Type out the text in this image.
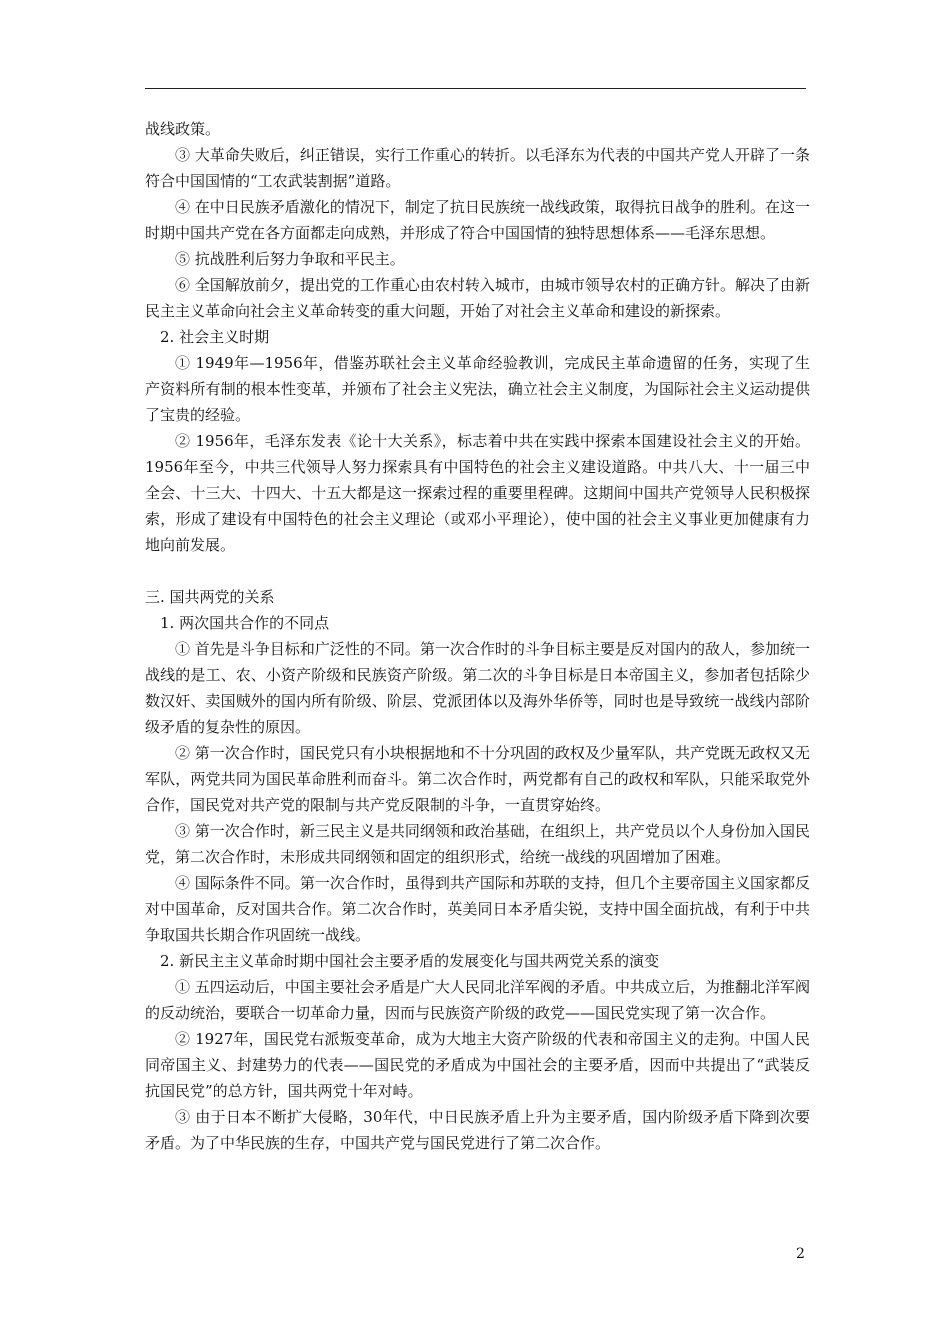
战线政策。

③ 大革命失败后，纠正错误，实行工作重心的转折。以毛泽东为代表的中国共产党人开辟了一条符合中国国情的“工农武装割据”道路。

④ 在中日民族矛盾激化的情况下，制定了抗日民族统一战线政策，取得抗日战争的胜利。在这一时期中国共产党在各方面都走向成熟，并形成了符合中国国情的独特思想体系——毛泽东思想。

⑤ 抗战胜利后努力争取和平民主。

⑥ 全国解放前夕，提出党的工作重心由农村转入城市，由城市领导农村的正确方针。解决了由新民主主义革命向社会主义革命转变的重大问题，开始了对社会主义革命和建设的新探索。

2. 社会主义时期

① 1949年—1956年，借鉴苏联社会主义革命经验教训，完成民主革命遗留的任务，实现了生产资料所有制的根本性变革，并颁布了社会主义宪法，确立社会主义制度，为国际社会主义运动提供了宝贵的经验。

② 1956年，毛泽东发表《论十大关系》，标志着中共在实践中探索本国建设社会主义的开始。1956年至今，中共三代领导人努力探索具有中国特色的社会主义建设道路。中共八大、十一届三中全会、十三大、十四大、十五大都是这一探索过程的重要里程碑。这期间中国共产党领导人民积极探索，形成了建设有中国特色的社会主义理论（或邓小平理论），使中国的社会主义事业更加健康有力地向前发展。

三. 国共两党的关系

1. 两次国共合作的不同点

① 首先是斗争目标和广泛性的不同。第一次合作时的斗争目标主要是反对国内的敌人，参加统一战线的是工、农、小资产阶级和民族资产阶级。第二次的斗争目标是日本帝国主义，参加者包括除少数汉奸、卖国贼外的国内所有阶级、阶层、党派团体以及海外华侨等，同时也是导致统一战线内部阶级矛盾的复杂性的原因。

② 第一次合作时，国民党只有小块根据地和不十分巩固的政权及少量军队，共产党既无政权又无军队，两党共同为国民革命胜利而奋斗。第二次合作时，两党都有自己的政权和军队，只能采取党外合作，国民党对共产党的限制与共产党反限制的斗争，一直贯穿始终。

③ 第一次合作时，新三民主义是共同纲领和政治基础，在组织上，共产党员以个人身份加入国民党，第二次合作时，未形成共同纲领和固定的组织形式，给统一战线的巩固增加了困难。

④ 国际条件不同。第一次合作时，虽得到共产国际和苏联的支持，但几个主要帝国主义国家都反对中国革命，反对国共合作。第二次合作时，英美同日本矛盾尖锐，支持中国全面抗战，有利于中共争取国共长期合作巩固统一战线。

2. 新民主主义革命时期中国社会主要矛盾的发展变化与国共两党关系的演变

① 五四运动后，中国主要社会矛盾是广大人民同北洋军阀的矛盾。中共成立后，为推翻北洋军阀的反动统治，要联合一切革命力量，因而与民族资产阶级的政党——国民党实现了第一次合作。

② 1927年，国民党右派叛变革命，成为大地主大资产阶级的代表和帝国主义的走狗。中国人民同帝国主义、封建势力的代表——国民党的矛盾成为中国社会的主要矛盾，因而中共提出了“武装反抗国民党”的总方针，国共两党十年对峙。

③ 由于日本不断扩大侵略，30年代，中日民族矛盾上升为主要矛盾，国内阶级矛盾下降到次要矛盾。为了中华民族的生存，中国共产党与国民党进行了第二次合作。

2
